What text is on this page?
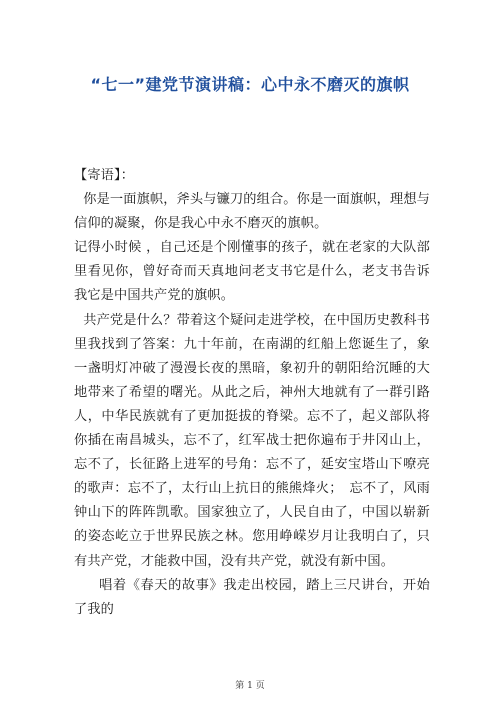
“七一”建党节演讲稿：心中永不磨灭的旗帜

【寄语】：

你是一面旗帜，斧头与镰刀的组合。你是一面旗帜，理想与信仰的凝聚，你是我心中永不磨灭的旗帜。

记得小时候 ，自己还是个刚懂事的孩子，就在老家的大队部里看见你，曾好奇而天真地问老支书它是什么，老支书告诉我它是中国共产党的旗帜。

共产党是什么？带着这个疑问走进学校，在中国历史教科书里我找到了答案：九十年前，在南湖的红船上您诞生了，象一盏明灯冲破了漫漫长夜的黑暗，象初升的朝阳给沉睡的大地带来了希望的曙光。从此之后，神州大地就有了一群引路人，中华民族就有了更加挺拔的脊梁。忘不了，起义部队将你插在南昌城头，忘不了，红军战士把你遍布于井冈山上，忘不了，长征路上进军的号角：忘不了，延安宝塔山下嘹亮的歌声：忘不了，太行山上抗日的熊熊烽火；　忘不了，风雨钟山下的阵阵凯歌。国家独立了，人民自由了，中国以崭新的姿态屹立于世界民族之林。您用峥嵘岁月让我明白了，只有共产党，才能救中国，没有共产党，就没有新中国。

唱着《春天的故事》我走出校园，踏上三尺讲台，开始了我的

第 1 页
